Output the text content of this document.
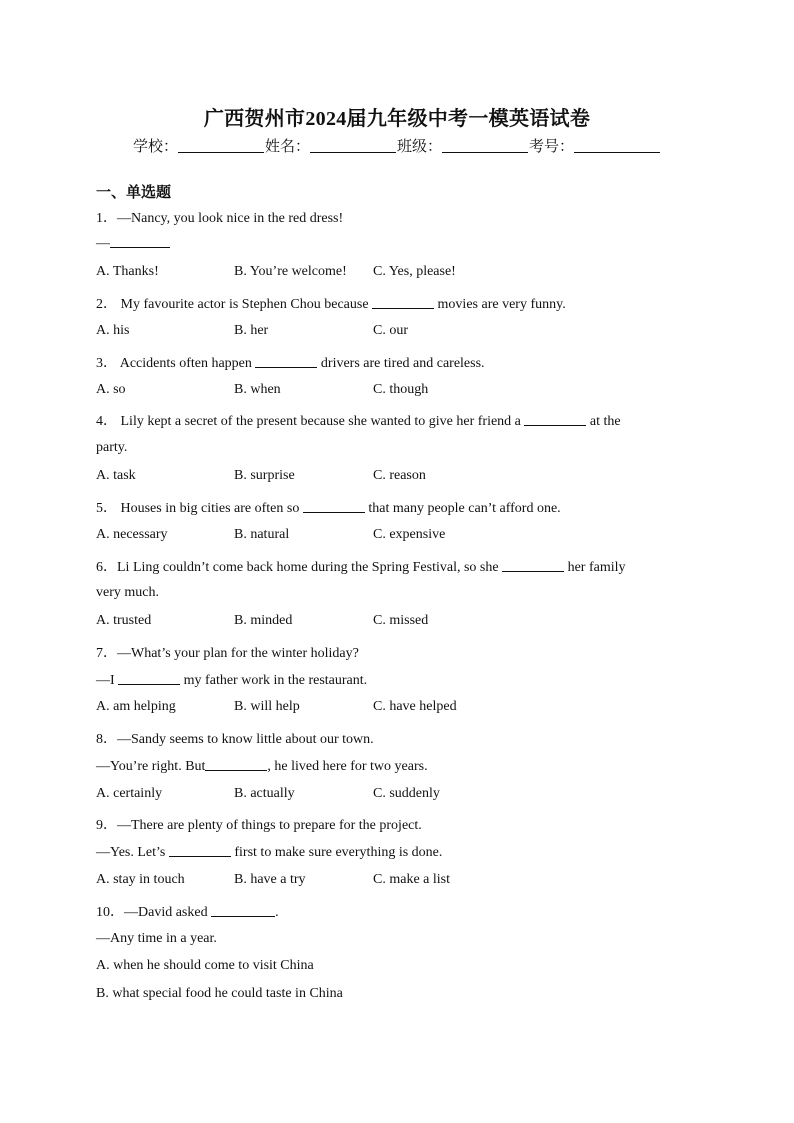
广西贺州市2024届九年级中考一模英语试卷
学校：	姓名：	班级：	考号：
一、单选题
1．—Nancy, you look nice in the red dress!
—
A. Thanks!	B. You’re welcome! C. Yes, please!
2． My favourite actor is Stephen Chou because	movies are very funny.
A. his	B. her	C. our
3． Accidents often happen	drivers are tired and careless.
A. so	B. when	C. though
4． Lily kept a secret of the present because she wanted to give her friend a	at the
party.
A. task	B. surprise	C. reason
5． Houses in big cities are often so	that many people can’t afford one.
A. necessary	B. natural	C. expensive
6．Li Ling couldn’t come back home during the Spring Festival, so she	her family
very much.
A. trusted	B. minded	C. missed
7．—What’s your plan for the winter holiday?
—I	my father work in the restaurant.
A. am helping	B. will help	C. have helped
8．—Sandy seems to know little about our town.
—You’re right. But	, he lived here for two years.
A. certainly	B. actually	C. suddenly
9．—There are plenty of things to prepare for the project.
—Yes. Let’s	first to make sure everything is done.
A. stay in touch	B. have a try	C. make a list
10．—David asked	.
—Any time in a year.
A. when he should come to visit China
B. what special food he could taste in China
